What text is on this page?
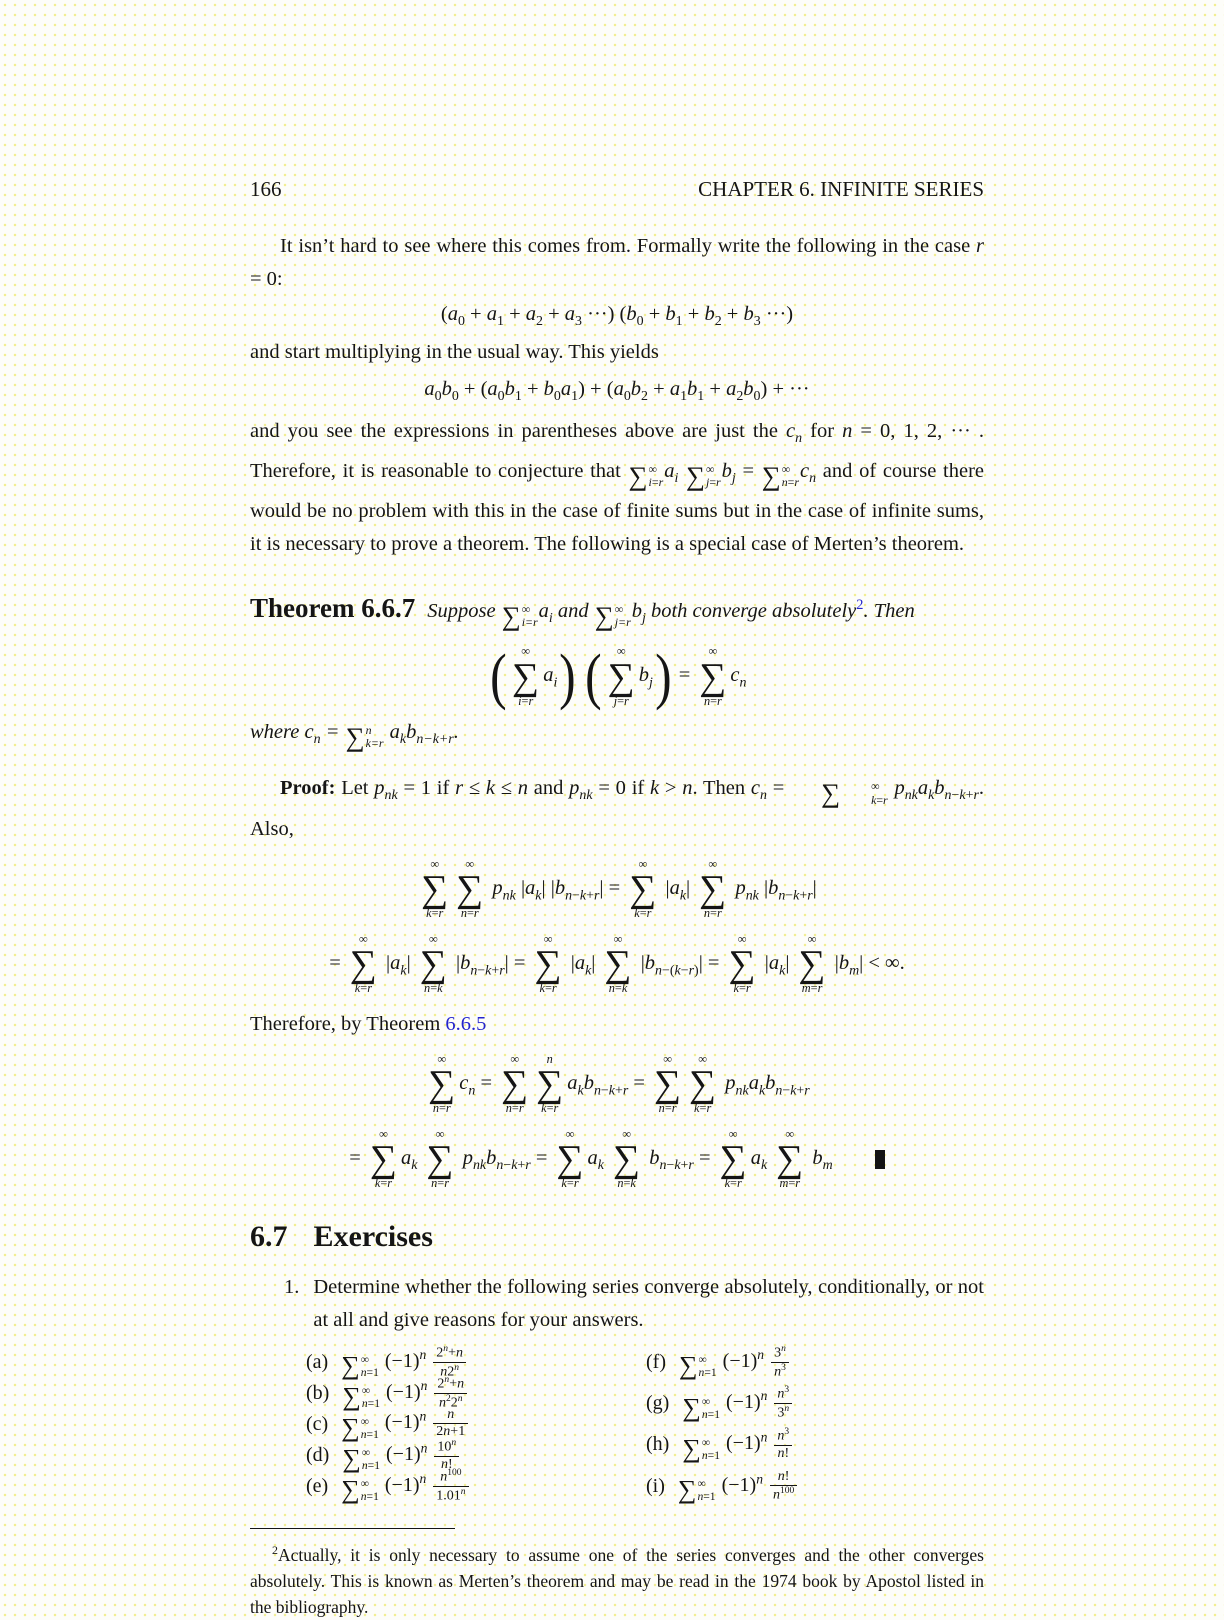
166	CHAPTER 6. INFINITE SERIES

It isn’t hard to see where this comes from. Formally write the following in the case r = 0:

($a_0 + a_1 + a_2 + a_3$ ···) ($b_0 + b_1 + b_2 + b_3$ ···)

and start multiplying in the usual way. This yields

$a_0b_0 + (a_0b_1 + b_0a_1) + (a_0b_2 + a_1b_1 + a_2b_0)$ + ···

and you see the expressions in parentheses above are just the $c_n$ for n = 0, 1, 2, ··· . Therefore, it is reasonable to conjecture that ∑ ∞
i=r
$a_i$ ∑ ∞
j=r
$b_j$ = ∑ ∞
n=r
$c_n$ and of course there would be no problem with this in the case of finite sums but in the case of infinite sums, it is necessary to prove a theorem. The following is a special case of Merten’s theorem.

Theorem 6.6.7 Suppose ∑ ∞
i=r
$a_i$ and ∑ ∞
j=r
$b_j$ both converge absolutely$^2$. Then

( ∞
∑
i=r
$a_i$) ( ∞
∑
j=r
$b_j$) =
∞
∑
n=r
$c_n$

where $c_n$ = ∑ n
k=r
$a_kb_{n-k+r}$.

Proof: Let $p_{nk} = 1$ if r ≤ k ≤ n and $p_{nk} = 0$ if k > n. Then $c_n$ =	∑	∞
k=r
$p_{nk}a_kb_{n-k+r}$. Also,

∞
∑
k=r
∞
∑
n=r
$p_{nk}$ $|a_k|$ $|b_{n-k+r}|$ =
∞
∑
k=r
$|a_k|$
∞
∑
n=r
$p_{nk}$ $|b_{n-k+r}|$
=
∞
∑
k=r
$|a_k|$
∞
∑
n=k
$|b_{n-k+r}|$ =
∞
∑
k=r
$|a_k|$
∞
∑
n=k
$|b_{n-(k-r)}|$ =
∞
∑
k=r
$|a_k|$
∞
∑
m=r
$|b_m|$ < ∞.

Therefore, by Theorem 6.6.5

∞
∑
n=r
$c_n$ =
∞
∑
n=r
n
∑
k=r
$a_kb_{n-k+r}$ =
∞
∑
n=r
∞
∑
k=r
$p_{nk}a_kb_{n-k+r}$
=
∞
∑
k=r
$a_k$
∞
∑
n=r
$p_{nk}b_{n-k+r}$ =
∞
∑
k=r
$a_k$
∞
∑
n=k
$b_{n-k+r}$ =
∞
∑
k=r
$a_k$
∞
∑
m=r
$b_m$
6.7 Exercises
1. Determine whether the following series converge absolutely, conditionally, or not at all and give reasons for your answers.

(a) ∑ ∞
n=1
$(-1)^n \frac{2^n+n}{n2^n}$
(b) ∑ ∞
n=1
$(-1)^n \frac{2^n+n}{n^22^n}$
(c) ∑ ∞
n=1
$(-1)^n \frac{n}{2n+1}$
(d) ∑ ∞
n=1
$(-1)^n \frac{10^n}{n!}$
(e) ∑ ∞
n=1
$(-1)^n \frac{n^{100}}{1.01^n}$
(f) ∑ ∞
n=1
$(-1)^n \frac{3^n}{n^3}$
(g) ∑ ∞
n=1
$(-1)^n \frac{n^3}{3^n}$
(h) ∑ ∞
n=1
$(-1)^n \frac{n^3}{n!}$
(i) ∑ ∞
n=1
$(-1)^n \frac{n!}{n^{100}}$

$^2$Actually, it is only necessary to assume one of the series converges and the other converges absolutely. This is known as Merten’s theorem and may be read in the 1974 book by Apostol listed in the bibliography.
